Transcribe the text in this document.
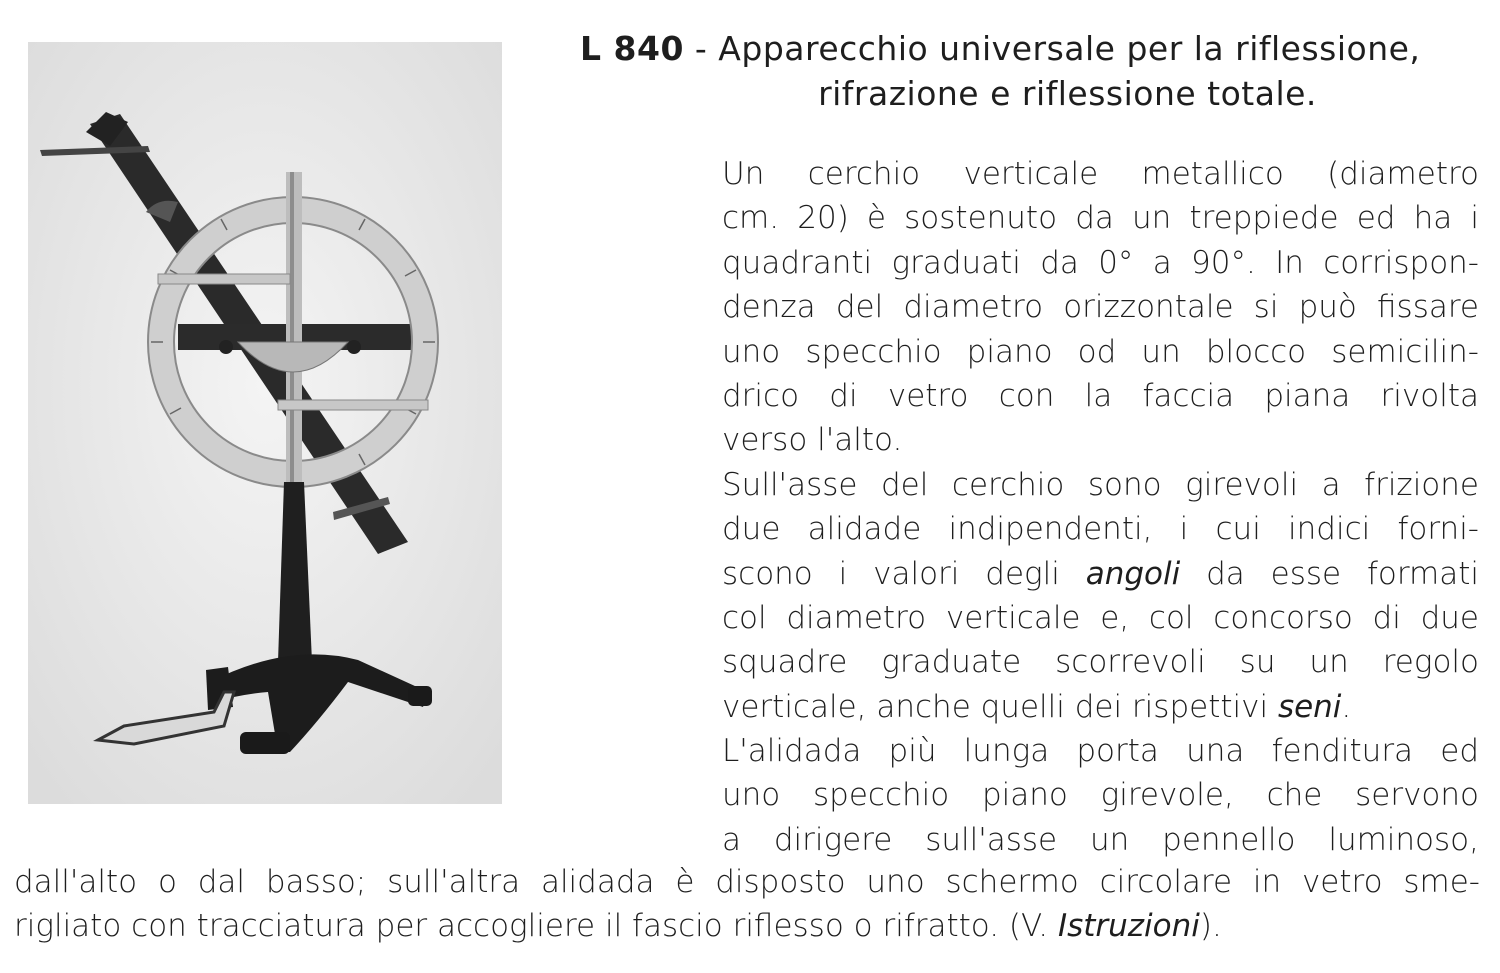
L 840 - Apparecchio universale per la riflessione,
rifrazione e riflessione totale.
Un cerchio verticale metallico (diametro
cm. 20) è sostenuto da un treppiede ed ha i
quadranti graduati da 0° a 90°. In corrispon-
denza del diametro orizzontale si può fissare
uno specchio piano od un blocco semicilin-
drico di vetro con la faccia piana rivolta
verso l'alto.
Sull'asse del cerchio sono girevoli a frizione
due alidade indipendenti, i cui indici forni-
scono i valori degli angoli da esse formati
col diametro verticale e, col concorso di due
squadre graduate scorrevoli su un regolo
verticale, anche quelli dei rispettivi seni.
L'alidada più lunga porta una fenditura ed
uno specchio piano girevole, che servono
a dirigere sull'asse un pennello luminoso,
dall'alto o dal basso; sull'altra alidada è disposto uno schermo circolare in vetro sme-
rigliato con tracciatura per accogliere il fascio riflesso o rifratto. (V. Istruzioni).
